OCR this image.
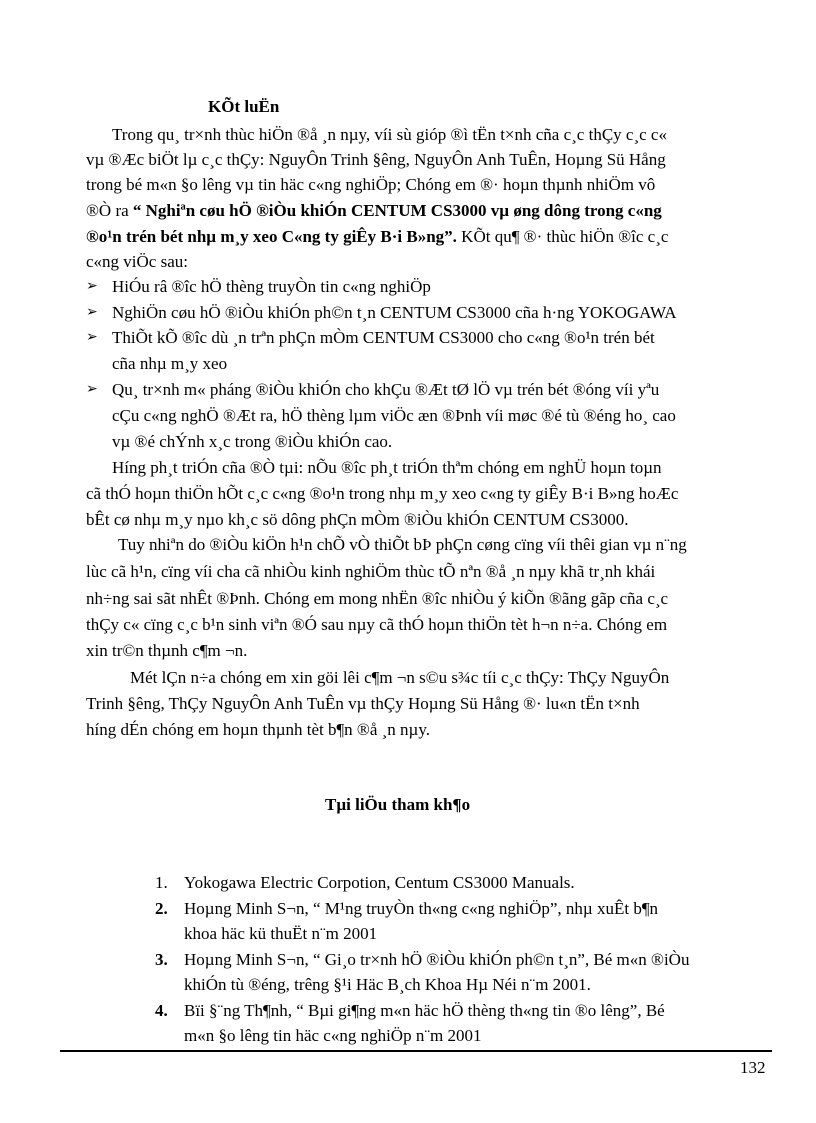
KÕt luËn
Trong qu¸ tr×nh thùc hiÖn ®å ¸n nµy, víi sù gióp ®ì tËn t×nh cña c¸c thÇy c¸c c«
vµ ®Æc biÖt lµ c¸c thÇy: NguyÔn Trinh §êng, NguyÔn Anh TuÊn, Hoµng Sü Hång
trong bé m«n §o lêng vµ tin häc c«ng nghiÖp; Chóng em ®· hoµn thµnh nhiÖm vô
®Ò ra “ Nghiªn cøu hÖ ®iÒu khiÓn CENTUM CS3000 vµ øng dông trong c«ng
®o¹n trén bét nhµ m¸y xeo C«ng ty giÊy B·i B»ng”. KÕt qu¶ ®· thùc hiÖn ®îc c¸c
c«ng viÖc sau:
➢ HiÓu râ ®îc hÖ thèng truyÒn tin c«ng nghiÖp
➢ NghiÖn cøu hÖ ®iÒu khiÓn ph©n t¸n CENTUM CS3000 cña h·ng YOKOGAWA
➢ ThiÕt kÕ ®îc dù ¸n trªn phÇn mÒm CENTUM CS3000 cho c«ng ®o¹n trén bét
cña nhµ m¸y xeo
➢ Qu¸ tr×nh m« pháng ®iÒu khiÓn cho khÇu ®Æt tØ lÖ vµ trén bét ®óng víi yªu
cÇu c«ng nghÖ ®Æt ra, hÖ thèng lµm viÖc æn ®Þnh víi møc ®é tù ®éng ho¸ cao
vµ ®é chÝnh x¸c trong ®iÒu khiÓn cao.
Híng ph¸t triÓn cña ®Ò tµi: nÕu ®îc ph¸t triÓn thªm chóng em nghÜ hoµn toµn
cã thÓ hoµn thiÖn hÕt c¸c c«ng ®o¹n trong nhµ m¸y xeo c«ng ty giÊy B·i B»ng hoÆc
bÊt cø nhµ m¸y nµo kh¸c sö dông phÇn mÒm ®iÒu khiÓn CENTUM CS3000.
Tuy nhiªn do ®iÒu kiÖn h¹n chÕ vÒ thiÕt bÞ phÇn cøng cïng víi thêi gian vµ n¨ng
lùc cã h¹n, cïng víi cha cã nhiÒu kinh nghiÖm thùc tÕ nªn ®å ¸n nµy khã tr¸nh khái
nh÷ng sai sãt nhÊt ®Þnh. Chóng em mong nhËn ®îc nhiÒu ý kiÕn ®ãng gãp cña c¸c
thÇy c« cïng c¸c b¹n sinh viªn ®Ó sau nµy cã thÓ hoµn thiÖn tèt h¬n n÷a. Chóng em
xin tr©n thµnh c¶m ¬n.
Mét lÇn n÷a chóng em xin göi lêi c¶m ¬n s©u s¾c tíi c¸c thÇy: ThÇy NguyÔn
Trinh §êng, ThÇy NguyÔn Anh TuÊn vµ thÇy Hoµng Sü Hång ®· lu«n tËn t×nh
híng dÉn chóng em hoµn thµnh tèt b¶n ®å ¸n nµy.
Tµi liÖu tham kh¶o
1. Yokogawa Electric Corpotion, Centum CS3000 Manuals.
2. Hoµng Minh S¬n, “ M¹ng truyÒn th«ng c«ng nghiÖp”, nhµ xuÊt b¶n
khoa häc kü thuËt n¨m 2001
3. Hoµng Minh S¬n, “ Gi¸o tr×nh hÖ ®iÒu khiÓn ph©n t¸n”, Bé m«n ®iÒu
khiÓn tù ®éng, trêng §¹i Häc B¸ch Khoa Hµ Néi n¨m 2001.
4. Bïi §¨ng Th¶nh, “ Bµi gi¶ng m«n häc hÖ thèng th«ng tin ®o lêng”, Bé
m«n §o lêng tin häc c«ng nghiÖp n¨m 2001
132
